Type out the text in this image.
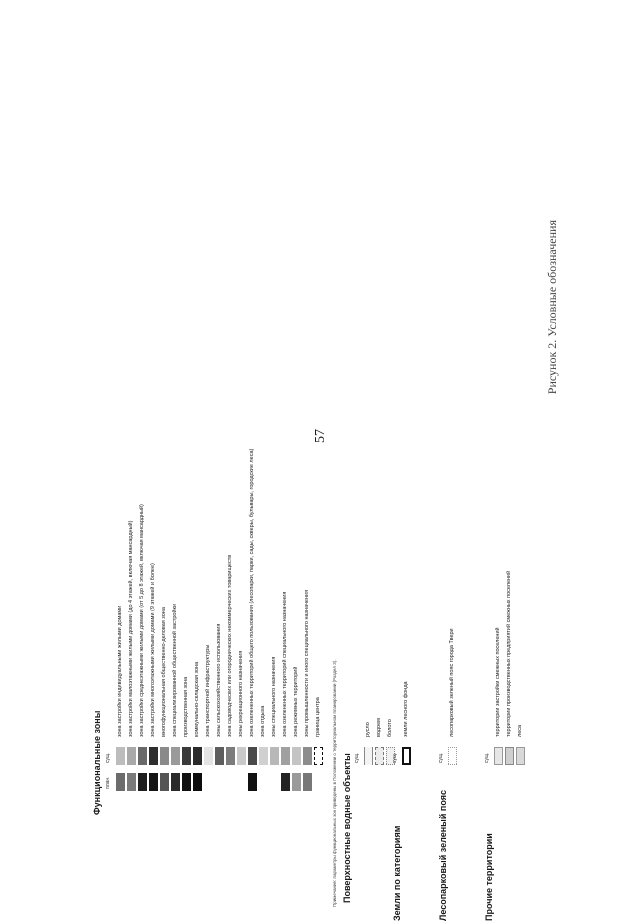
57
Рисунок 2. Условные обозначения
Функциональные зоны план.
сущ.
зона застройки индивидуальными жилыми домами зона застройки малоэтажными жилыми домами (до 4 этажей, включая мансардный) зона застройки среднеэтажными жилыми домами (от 5 до 8 этажей, включая мансардный) зона застройки многоэтажными жилыми домами (9 этажей и более) многофункциональная общественно-деловая зона зона специализированной общественной застройки производственная зона коммунально-складская зона зона транспортной инфраструктуры зоны сельскохозяйственного использования зона садоводческих или огороднических некоммерческих товариществ зоны рекреационного назначения зона озелененных территорий общего пользования (лесопарки, парки, сады, скверы, бульвары, городские леса) зона отдыха зоны специального назначения зона озелененных территорий специального назначения зона режимных территорий зоны промышленности и иного специального назначения граница центра	Примечание: параметры функциональных зон приведены в Положении о территориальном планировании (Раздел 3). Поверхностные водные объекты сущ.
русло водоем болото
Земли по категориям
сущ.
земли лесного фонда
Лесопарковый зеленый пояс
сущ.
лесопарковый зеленый пояс города Твери
Прочие территории
сущ.
территории застройки смежных поселений территории производственных предприятий смежных поселений леса
